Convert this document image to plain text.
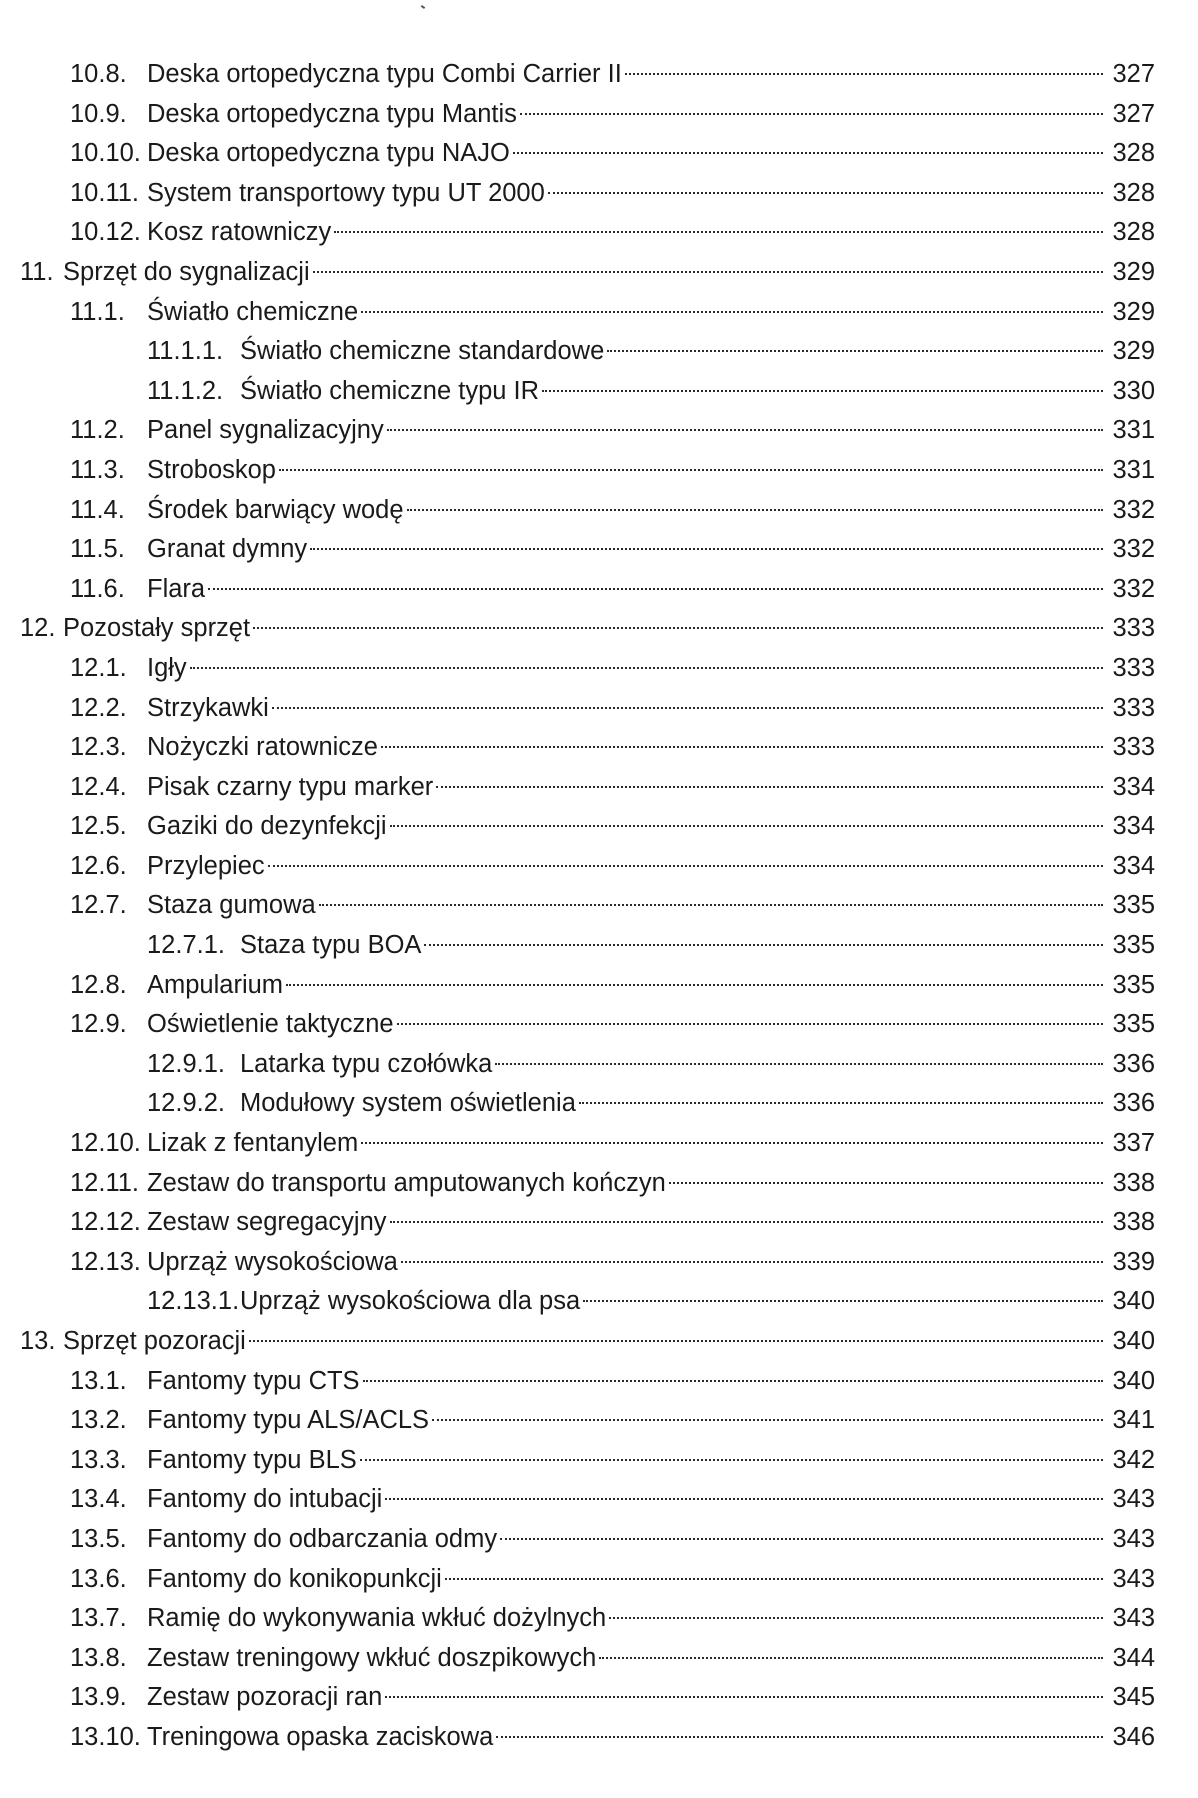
10.8. Deska ortopedyczna typu Combi Carrier II	327
10.9. Deska ortopedyczna typu Mantis	327
10.10. Deska ortopedyczna typu NAJO	328
10.11. System transportowy typu UT 2000	328
10.12. Kosz ratowniczy	328
11. Sprzęt do sygnalizacji	329
11.1. Światło chemiczne	329
11.1.1. Światło chemiczne standardowe	329
11.1.2. Światło chemiczne typu IR	330
11.2. Panel sygnalizacyjny	331
11.3. Stroboskop	331
11.4. Środek barwiący wodę	332
11.5. Granat dymny	332
11.6. Flara	332
12. Pozostały sprzęt	333
12.1. Igły	333
12.2. Strzykawki	333
12.3. Nożyczki ratownicze	333
12.4. Pisak czarny typu marker	334
12.5. Gaziki do dezynfekcji	334
12.6. Przylepiec	334
12.7. Staza gumowa	335
12.7.1. Staza typu BOA	335
12.8. Ampularium	335
12.9. Oświetlenie taktyczne	335
12.9.1. Latarka typu czołówka	336
12.9.2. Modułowy system oświetlenia	336
12.10. Lizak z fentanylem	337
12.11. Zestaw do transportu amputowanych kończyn	338
12.12. Zestaw segregacyjny	338
12.13. Uprząż wysokościowa	339
12.13.1. Uprząż wysokościowa dla psa	340
13. Sprzęt pozoracji	340
13.1. Fantomy typu CTS	340
13.2. Fantomy typu ALS/ACLS	341
13.3. Fantomy typu BLS	342
13.4. Fantomy do intubacji	343
13.5. Fantomy do odbarczania odmy	343
13.6. Fantomy do konikopunkcji	343
13.7. Ramię do wykonywania wkłuć dożylnych	343
13.8. Zestaw treningowy wkłuć doszpikowych	344
13.9. Zestaw pozoracji ran	345
13.10. Treningowa opaska zaciskowa	346
